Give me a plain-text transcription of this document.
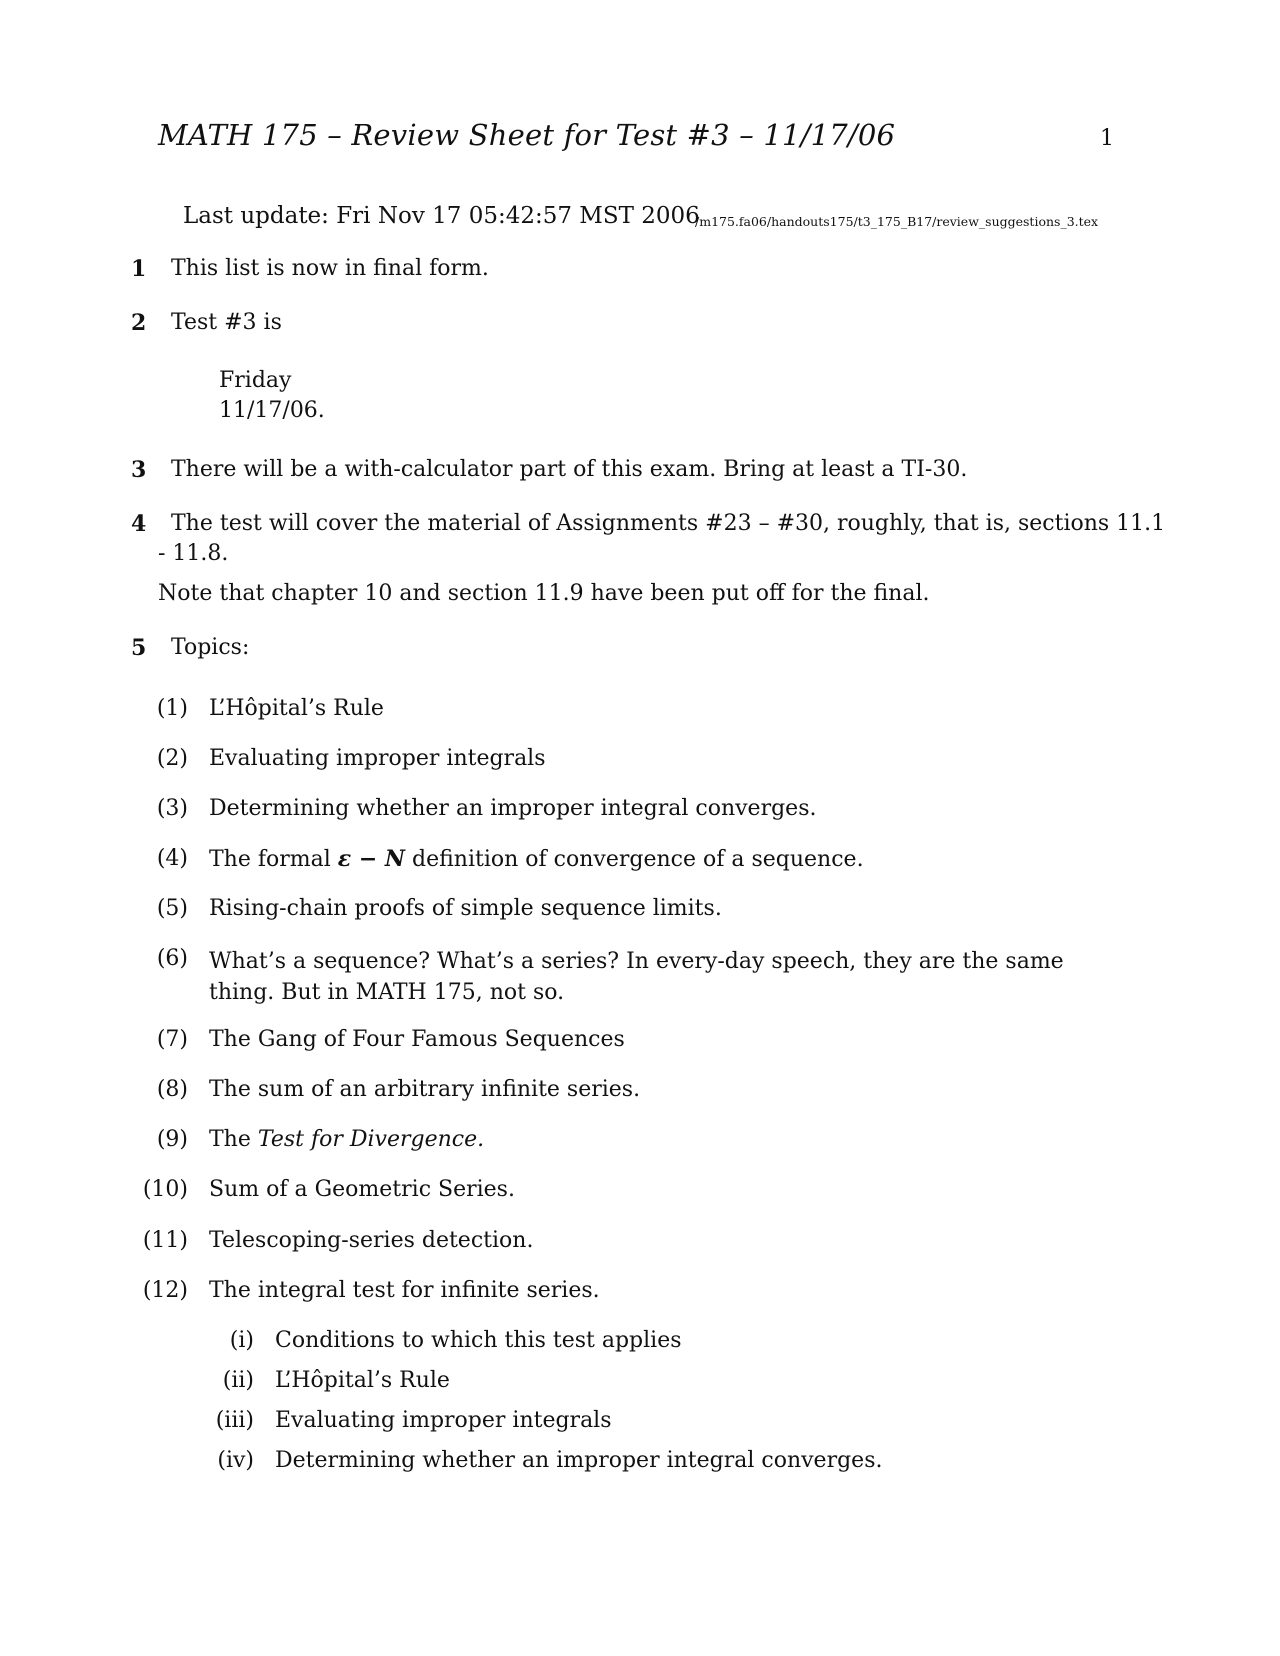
MATH 175 – Review Sheet for Test #3 – 11/17/06	1
Last update: Fri Nov 17 05:42:57 MST 2006
/m175.fa06/handouts175/t3_175_B17/review_suggestions_3.tex
1 This list is now in final form.
2 Test #3 is
Friday
11/17/06.
3 There will be a with-calculator part of this exam. Bring at least a TI-30.
4 The test will cover the material of Assignments #23 – #30, roughly, that is, sections 11.1
- 11.8.
Note that chapter 10 and section 11.9 have been put off for the final.
5 Topics:
(1) L’Hôpital’s Rule
(2) Evaluating improper integrals
(3) Determining whether an improper integral converges.
(4) The formal ε − N definition of convergence of a sequence.
(5) Rising-chain proofs of simple sequence limits.
(6) What’s a sequence? What’s a series? In every-day speech, they are the same thing. But in MATH 175, not so.
(7) The Gang of Four Famous Sequences
(8) The sum of an arbitrary infinite series.
(9) The Test for Divergence.
(10) Sum of a Geometric Series.
(11) Telescoping-series detection.
(12) The integral test for infinite series.
(i) Conditions to which this test applies
(ii) L’Hôpital’s Rule
(iii) Evaluating improper integrals
(iv) Determining whether an improper integral converges.
